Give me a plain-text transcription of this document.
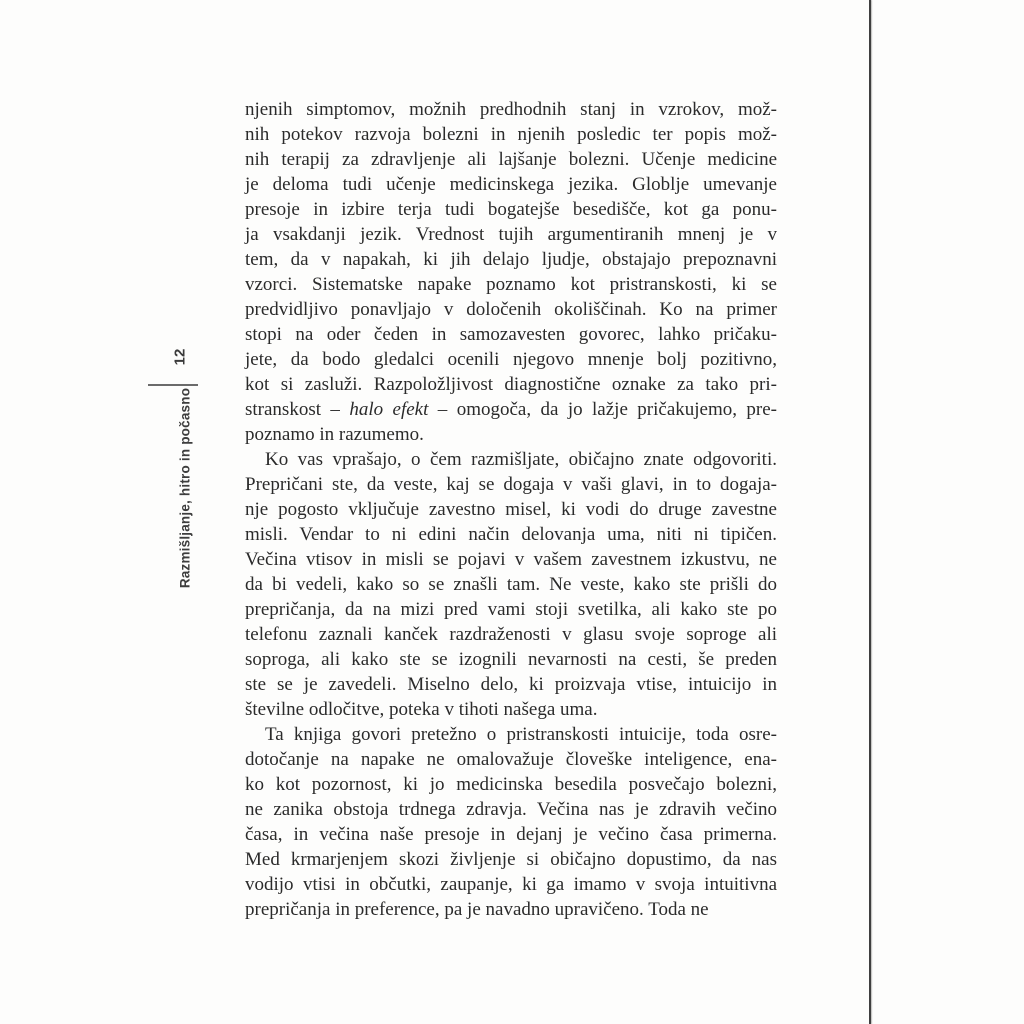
12
Razmišljanje, hitro in počasno
njenih simptomov, možnih predhodnih stanj in vzrokov, mož-
nih potekov razvoja bolezni in njenih posledic ter popis mož-
nih terapij za zdravljenje ali lajšanje bolezni. Učenje medicine
je deloma tudi učenje medicinskega jezika. Globlje umevanje
presoje in izbire terja tudi bogatejše besedišče, kot ga ponu-
ja vsakdanji jezik. Vrednost tujih argumentiranih mnenj je v
tem, da v napakah, ki jih delajo ljudje, obstajajo prepoznavni
vzorci. Sistematske napake poznamo kot pristranskosti, ki se
predvidljivo ponavljajo v določenih okoliščinah. Ko na primer
stopi na oder čeden in samozavesten govorec, lahko pričaku-
jete, da bodo gledalci ocenili njegovo mnenje bolj pozitivno,
kot si zasluži. Razpoložljivost diagnostične oznake za tako pri-
stranskost – halo efekt – omogoča, da jo lažje pričakujemo, pre-
poznamo in razumemo.
Ko vas vprašajo, o čem razmišljate, običajno znate odgovoriti.
Prepričani ste, da veste, kaj se dogaja v vaši glavi, in to dogaja-
nje pogosto vključuje zavestno misel, ki vodi do druge zavestne
misli. Vendar to ni edini način delovanja uma, niti ni tipičen.
Večina vtisov in misli se pojavi v vašem zavestnem izkustvu, ne
da bi vedeli, kako so se znašli tam. Ne veste, kako ste prišli do
prepričanja, da na mizi pred vami stoji svetilka, ali kako ste po
telefonu zaznali kanček razdraženosti v glasu svoje soproge ali
soproga, ali kako ste se izognili nevarnosti na cesti, še preden
ste se je zavedeli. Miselno delo, ki proizvaja vtise, intuicijo in
številne odločitve, poteka v tihoti našega uma.
Ta knjiga govori pretežno o pristranskosti intuicije, toda osre-
dotočanje na napake ne omalovažuje človeške inteligence, ena-
ko kot pozornost, ki jo medicinska besedila posvečajo bolezni,
ne zanika obstoja trdnega zdravja. Večina nas je zdravih večino
časa, in večina naše presoje in dejanj je večino časa primerna.
Med krmarjenjem skozi življenje si običajno dopustimo, da nas
vodijo vtisi in občutki, zaupanje, ki ga imamo v svoja intuitivna
prepričanja in preference, pa je navadno upravičeno. Toda ne
